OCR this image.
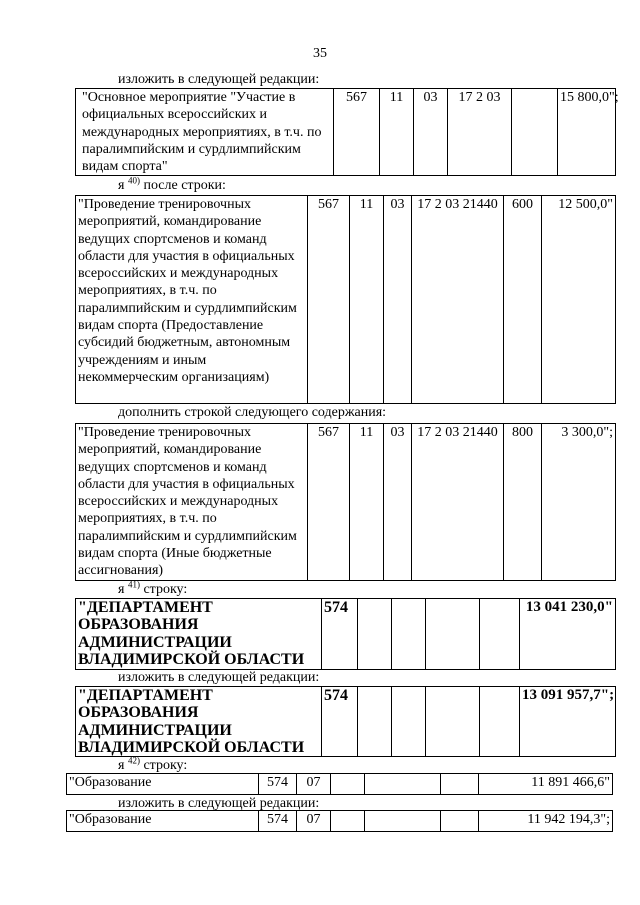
35
изложить в следующей редакции:
"Основное мероприятие "Участие в официальных всероссийских и международных мероприятиях, в т.ч. по паралимпийским и сурдлимпийским видам спорта"	567	11	03	17 2 03		15 800,0";
я $^{40)}$ после строки:
"Проведение тренировочных мероприятий, командирование ведущих спортсменов и команд области для участия в официальных всероссийских и международных мероприятиях, в т.ч. по паралимпийским и сурдлимпийским видам спорта (Предоставление субсидий бюджетным, автономным учреждениям и иным некоммерческим организациям)	567	11	03	17 2 03 21440	600	12 500,0"
дополнить строкой следующего содержания:
"Проведение тренировочных мероприятий, командирование ведущих спортсменов и команд области для участия в официальных всероссийских и международных мероприятиях, в т.ч. по паралимпийским и сурдлимпийским видам спорта (Иные бюджетные ассигнования)	567	11	03	17 2 03 21440	800	3 300,0";
я $^{41)}$ строку:
"ДЕПАРТАМЕНТ ОБРАЗОВАНИЯ АДМИНИСТРАЦИИ ВЛАДИМИРСКОЙ ОБЛАСТИ	574					13 041 230,0"
изложить в следующей редакции:
"ДЕПАРТАМЕНТ ОБРАЗОВАНИЯ АДМИНИСТРАЦИИ ВЛАДИМИРСКОЙ ОБЛАСТИ	574					13 091 957,7";
я $^{42)}$ строку:
"Образование	574	07				11 891 466,6"
изложить в следующей редакции:
"Образование	574	07				11 942 194,3";
